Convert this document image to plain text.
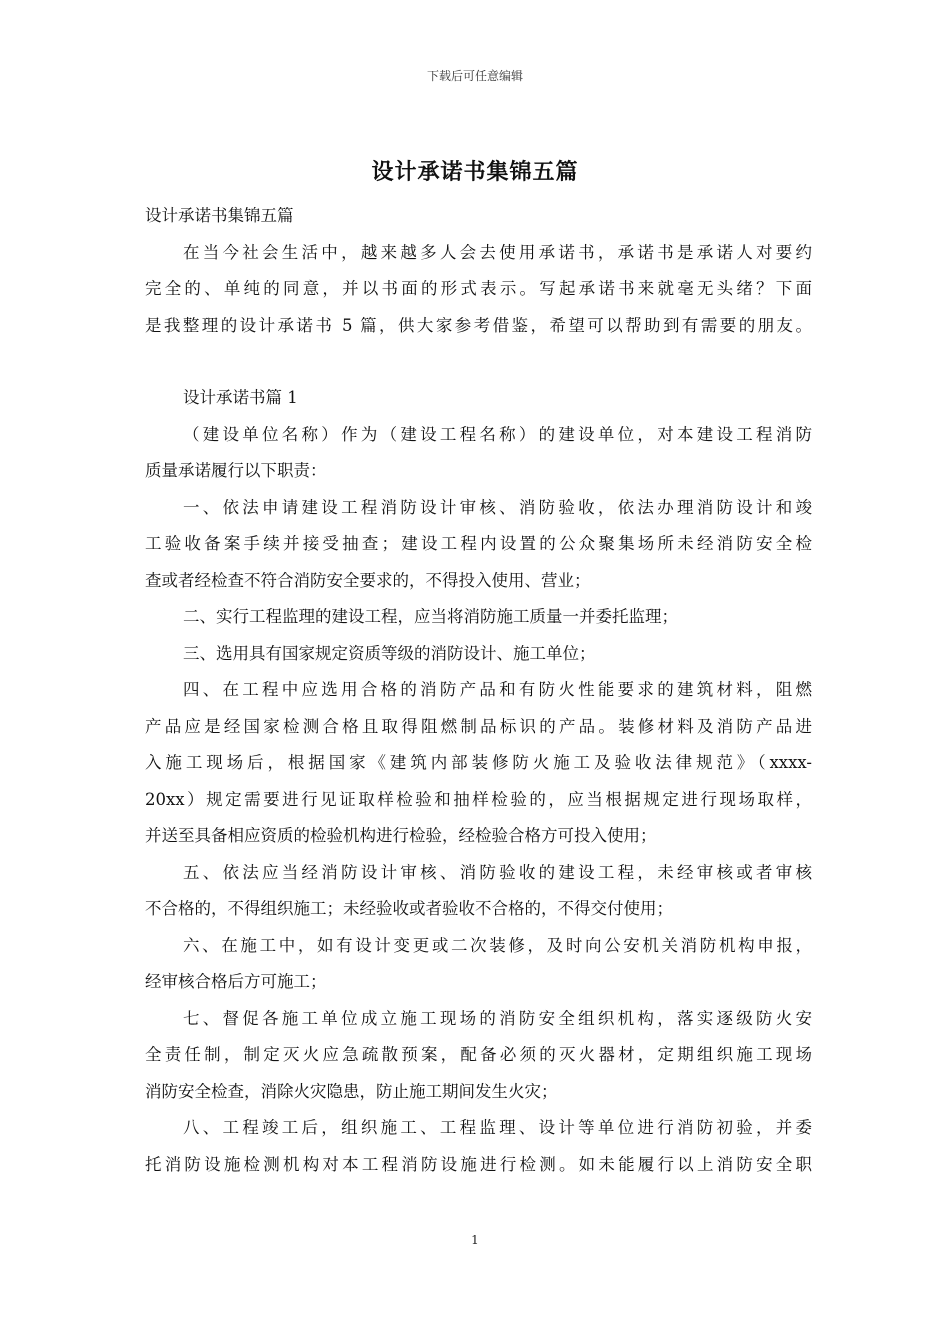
下载后可任意编辑
设计承诺书集锦五篇
设计承诺书集锦五篇
在当今社会生活中，越来越多人会去使用承诺书，承诺书是承诺人对要约
完全的、单纯的同意，并以书面的形式表示。写起承诺书来就毫无头绪？下面
是我整理的设计承诺书 5 篇，供大家参考借鉴，希望可以帮助到有需要的朋友。
设计承诺书篇 1
（建设单位名称）作为（建设工程名称）的建设单位，对本建设工程消防
质量承诺履行以下职责：
一、依法申请建设工程消防设计审核、消防验收，依法办理消防设计和竣
工验收备案手续并接受抽查；建设工程内设置的公众聚集场所未经消防安全检
查或者经检查不符合消防安全要求的，不得投入使用、营业；
二、实行工程监理的建设工程，应当将消防施工质量一并委托监理；
三、选用具有国家规定资质等级的消防设计、施工单位；
四、在工程中应选用合格的消防产品和有防火性能要求的建筑材料，阻燃
产品应是经国家检测合格且取得阻燃制品标识的产品。装修材料及消防产品进
入施工现场后，根据国家《建筑内部装修防火施工及验收法律规范》（xxxx-
20xx）规定需要进行见证取样检验和抽样检验的，应当根据规定进行现场取样，
并送至具备相应资质的检验机构进行检验，经检验合格方可投入使用；
五、依法应当经消防设计审核、消防验收的建设工程，未经审核或者审核
不合格的，不得组织施工；未经验收或者验收不合格的，不得交付使用；
六、在施工中，如有设计变更或二次装修，及时向公安机关消防机构申报，
经审核合格后方可施工；
七、督促各施工单位成立施工现场的消防安全组织机构，落实逐级防火安
全责任制，制定灭火应急疏散预案，配备必须的灭火器材，定期组织施工现场
消防安全检查，消除火灾隐患，防止施工期间发生火灾；
八、工程竣工后，组织施工、工程监理、设计等单位进行消防初验，并委
托消防设施检测机构对本工程消防设施进行检测。如未能履行以上消防安全职
1
